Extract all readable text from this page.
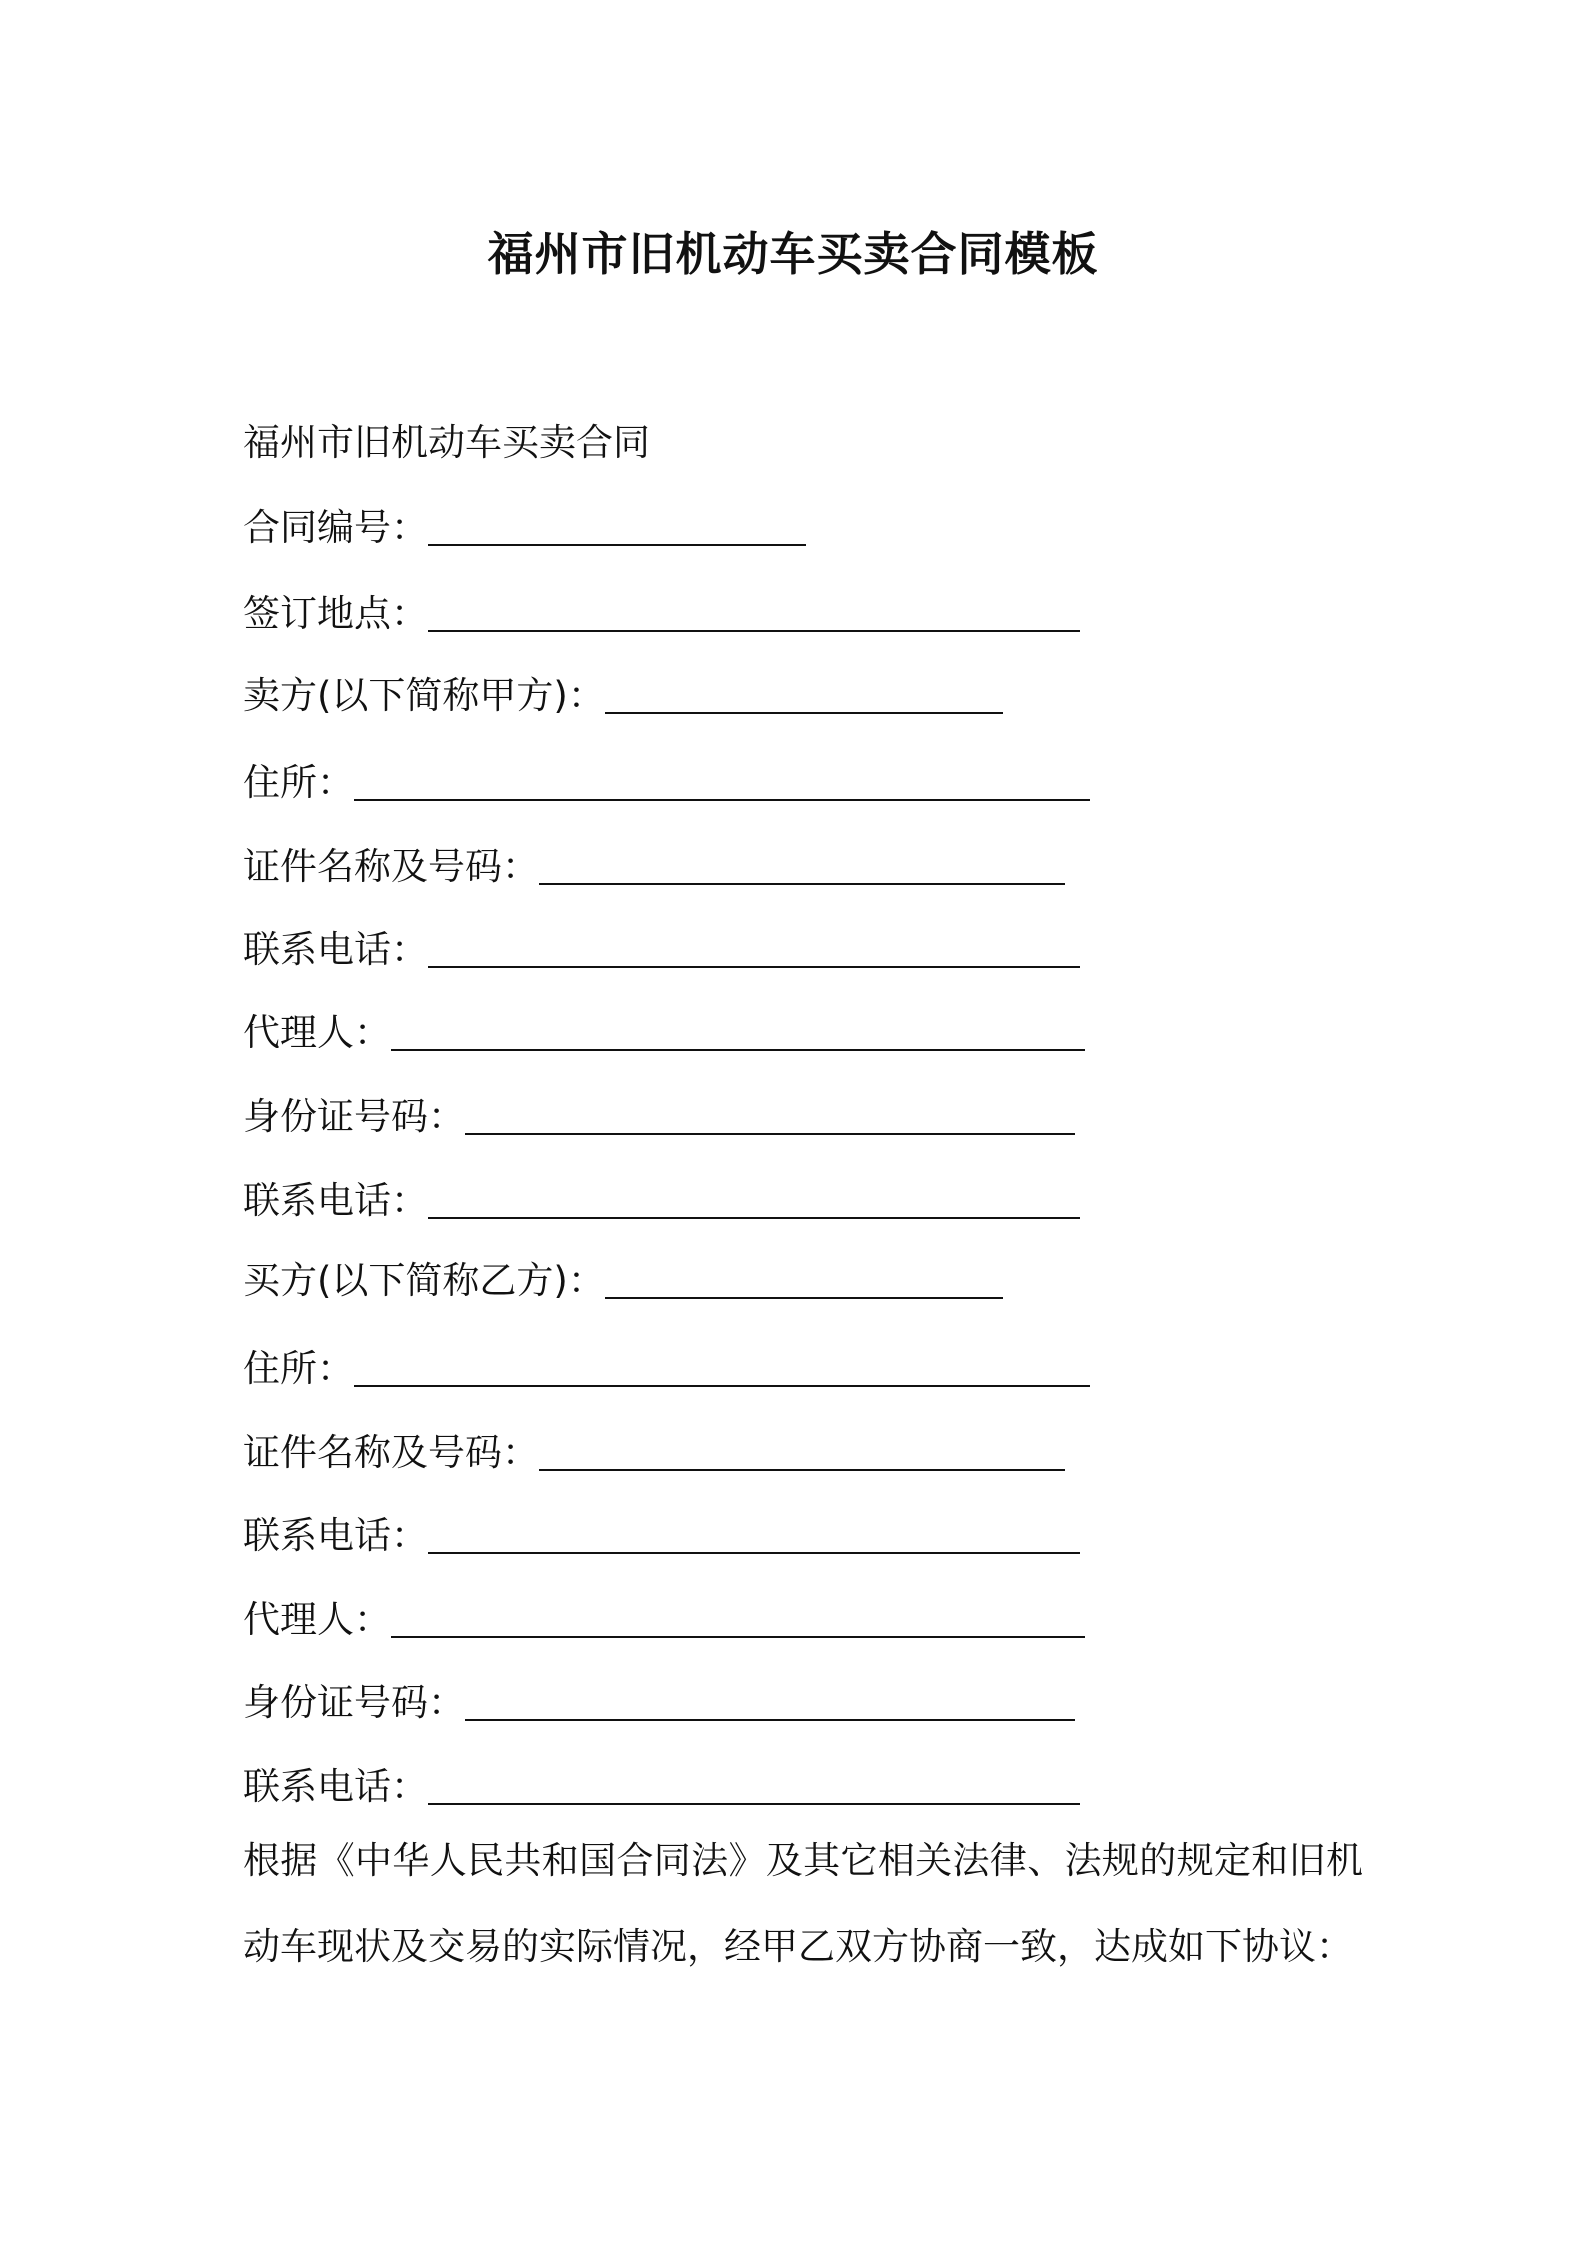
福州市旧机动车买卖合同模板

福州市旧机动车买卖合同

合同编号：

签订地点：

卖方(以下简称甲方)：

住所：

证件名称及号码：

联系电话：

代理人：

身份证号码：

联系电话：

买方(以下简称乙方)：

住所：

证件名称及号码：

联系电话：

代理人：

身份证号码：

联系电话：

根据《中华人民共和国合同法》及其它相关法律、法规的规定和旧机动车现状及交易的实际情况，经甲乙双方协商一致，达成如下协议：
